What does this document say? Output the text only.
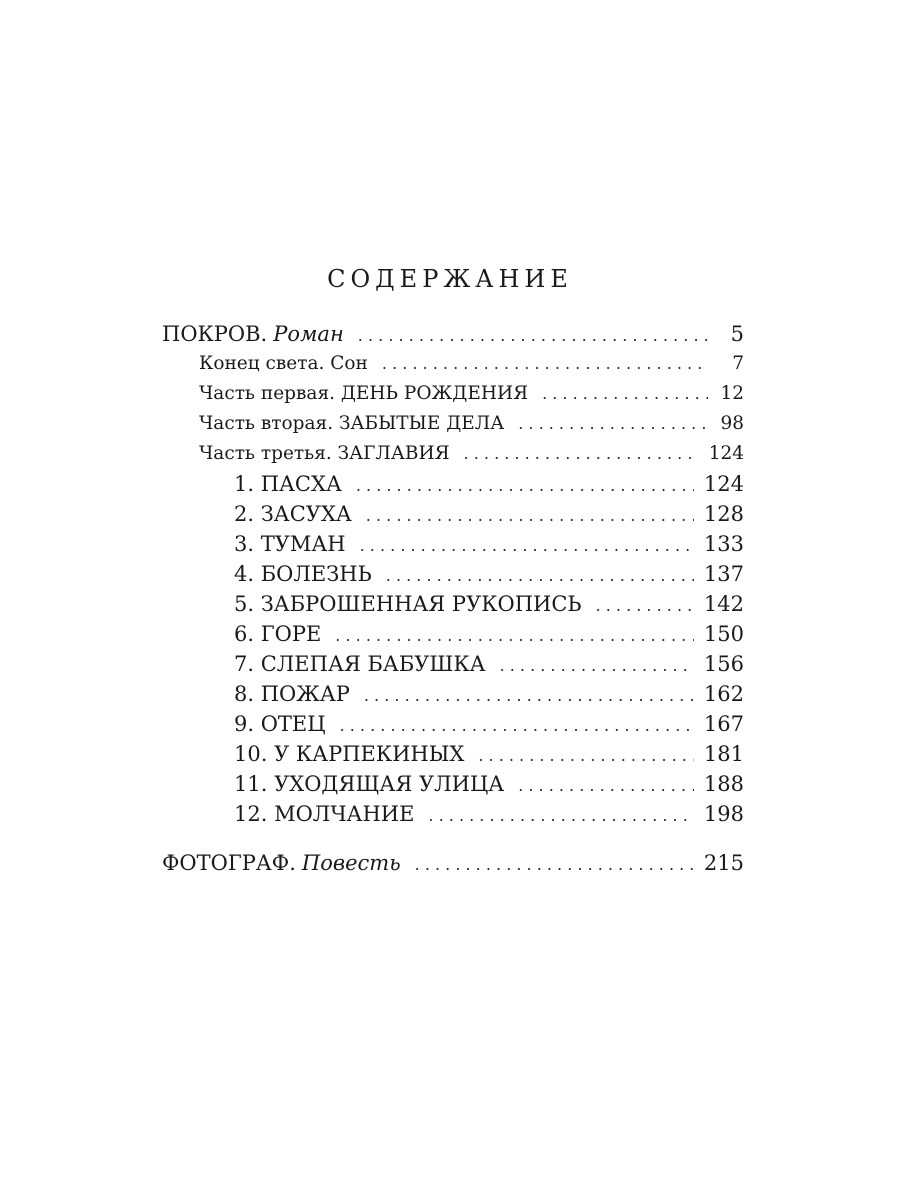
СОДЕРЖАНИЕ
ПОКРОВ. Роман . . .	5
Конец света. Сон . . .	7
Часть первая. ДЕНЬ РОЖДЕНИЯ . . .	12
Часть вторая. ЗАБЫТЫЕ ДЕЛА . . .	98
Часть третья. ЗАГЛАВИЯ . . .	124
1. ПАСХА . . .	124
2. ЗАСУХА . . .	128
3. ТУМАН . . .	133
4. БОЛЕЗНЬ . . .	137
5. ЗАБРОШЕННАЯ РУКОПИСЬ . . .	142
6. ГОРЕ . . .	150
7. СЛЕПАЯ БАБУШКА . . .	156
8. ПОЖАР . . .	162
9. ОТЕЦ . . .	167
10. У КАРПЕКИНЫХ . . .	181
11. УХОДЯЩАЯ УЛИЦА . . .	188
12. МОЛЧАНИЕ . . .	198
ФОТОГРАФ. Повесть . . .	215
